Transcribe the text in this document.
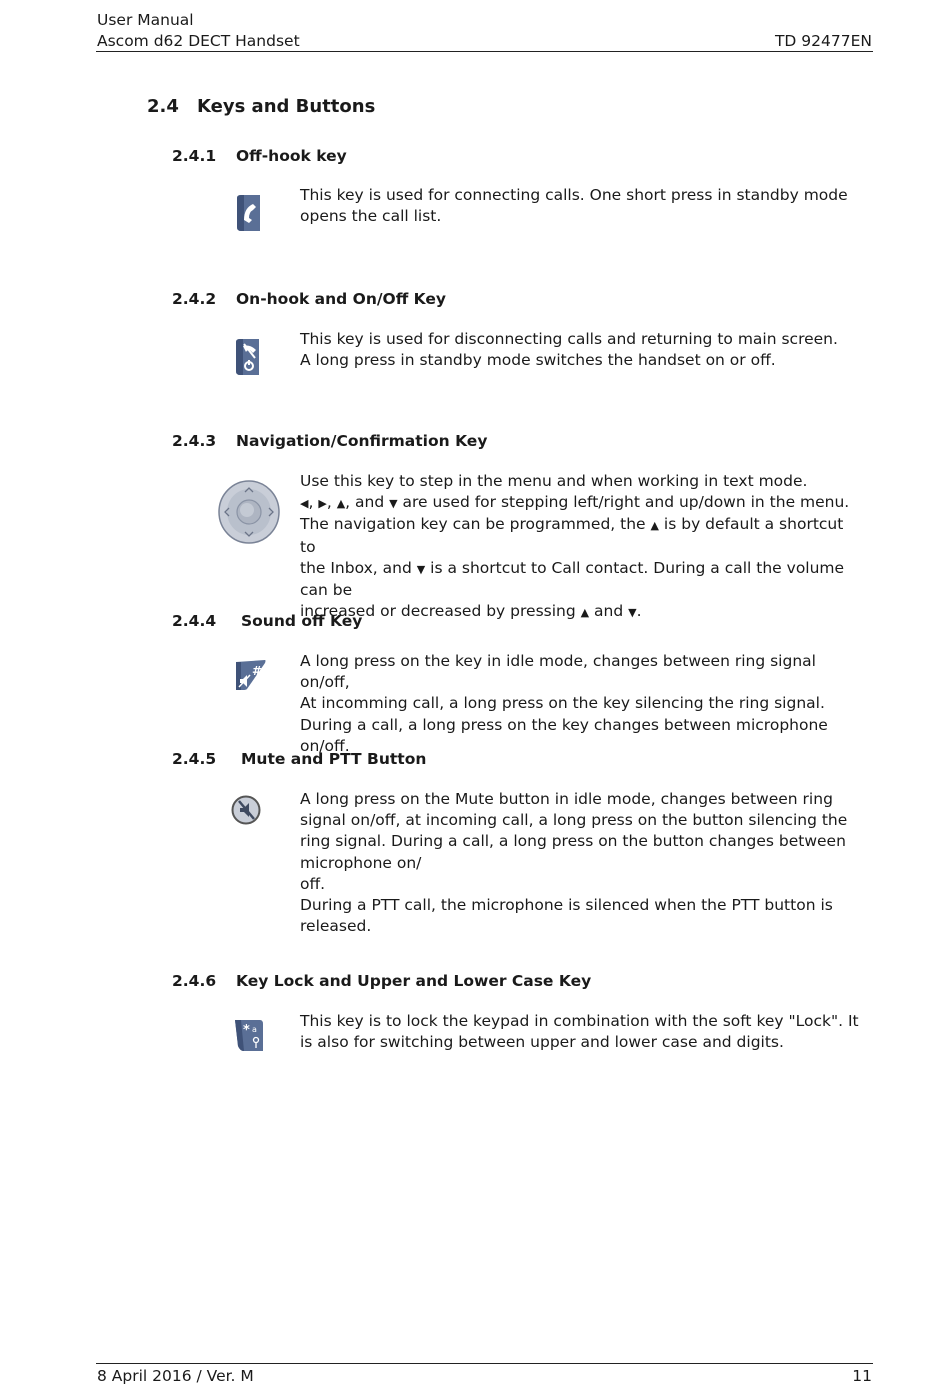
User Manual
Ascom d62 DECT Handset	TD 92477EN
2.4 Keys and Buttons
2.4.1 Off-hook key
This key is used for connecting calls. One short press in standby mode opens the call list.
2.4.2 On-hook and On/Off Key
This key is used for disconnecting calls and returning to main screen.
A long press in standby mode switches the handset on or off.
2.4.3 Navigation/Confirmation Key
Use this key to step in the menu and when working in text mode.
◀, ▶, ▲, and ▼ are used for stepping left/right and up/down in the menu.
The navigation key can be programmed, the ▲ is by default a shortcut to
the Inbox, and ▼ is a shortcut to Call contact. During a call the volume can be
increased or decreased by pressing ▲ and ▼.
2.4.4 Sound off Key
#
A long press on the key in idle mode, changes between ring signal on/off,
At incomming call, a long press on the key silencing the ring signal. During a call, a long press on the key changes between microphone on/off.
2.4.5 Mute and PTT Button
A long press on the Mute button in idle mode, changes between ring signal on/off, at incoming call, a long press on the button silencing the ring signal. During a call, a long press on the button changes between microphone on/
off.
During a PTT call, the microphone is silenced when the PTT button is released.
2.4.6 Key Lock and Upper and Lower Case Key
* a	This key is to lock the keypad in combination with the soft key "Lock". It is also for switching between upper and lower case and digits.
8 April 2016 / Ver. M	11
